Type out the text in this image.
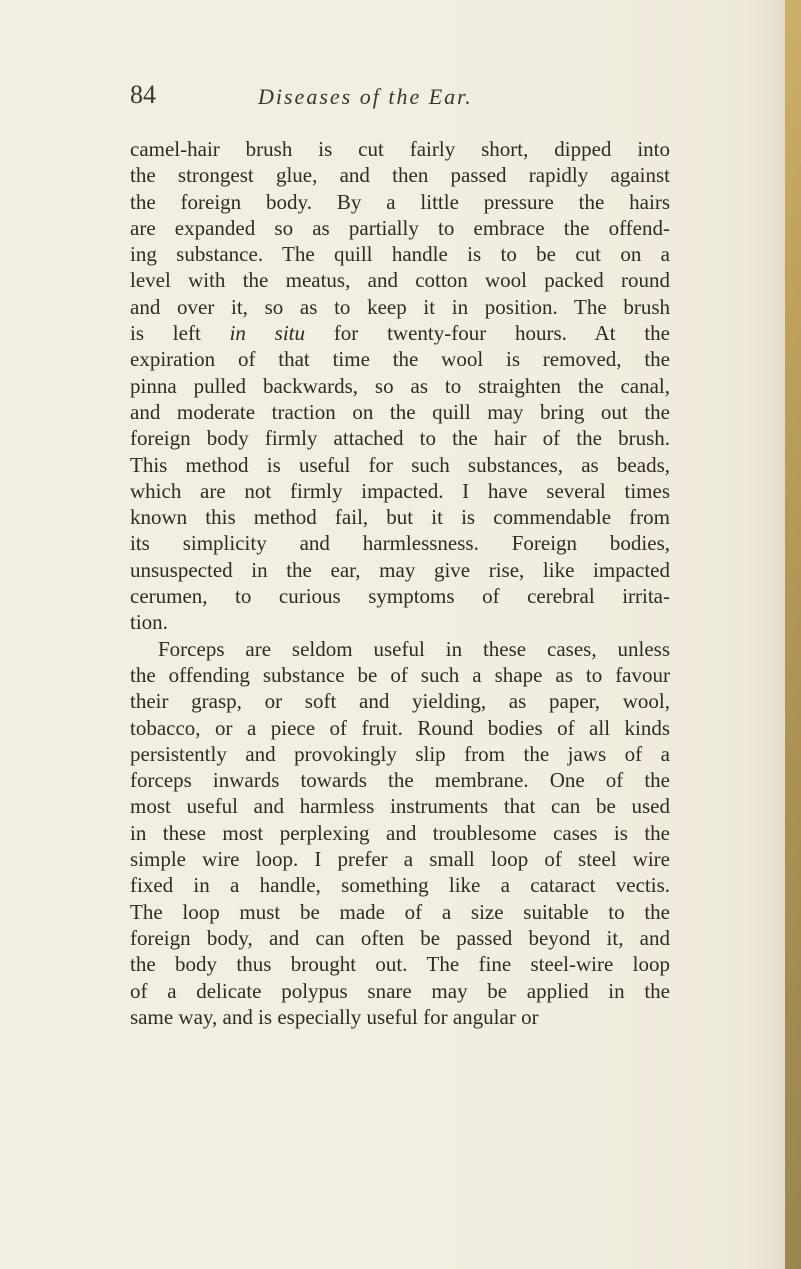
84	Diseases of the Ear.
camel-hair brush is cut fairly short, dipped into
the strongest glue, and then passed rapidly against
the foreign body. By a little pressure the hairs
are expanded so as partially to embrace the offend-
ing substance. The quill handle is to be cut on a
level with the meatus, and cotton wool packed round
and over it, so as to keep it in position. The brush
is left in situ for twenty-four hours. At the
expiration of that time the wool is removed, the
pinna pulled backwards, so as to straighten the canal,
and moderate traction on the quill may bring out the
foreign body firmly attached to the hair of the brush.
This method is useful for such substances, as beads,
which are not firmly impacted. I have several times
known this method fail, but it is commendable from
its simplicity and harmlessness. Foreign bodies,
unsuspected in the ear, may give rise, like impacted
cerumen, to curious symptoms of cerebral irrita-
tion.
Forceps are seldom useful in these cases, unless
the offending substance be of such a shape as to favour
their grasp, or soft and yielding, as paper, wool,
tobacco, or a piece of fruit. Round bodies of all kinds
persistently and provokingly slip from the jaws of a
forceps inwards towards the membrane. One of the
most useful and harmless instruments that can be used
in these most perplexing and troublesome cases is the
simple wire loop. I prefer a small loop of steel wire
fixed in a handle, something like a cataract vectis.
The loop must be made of a size suitable to the
foreign body, and can often be passed beyond it, and
the body thus brought out. The fine steel-wire loop
of a delicate polypus snare may be applied in the
same way, and is especially useful for angular or
